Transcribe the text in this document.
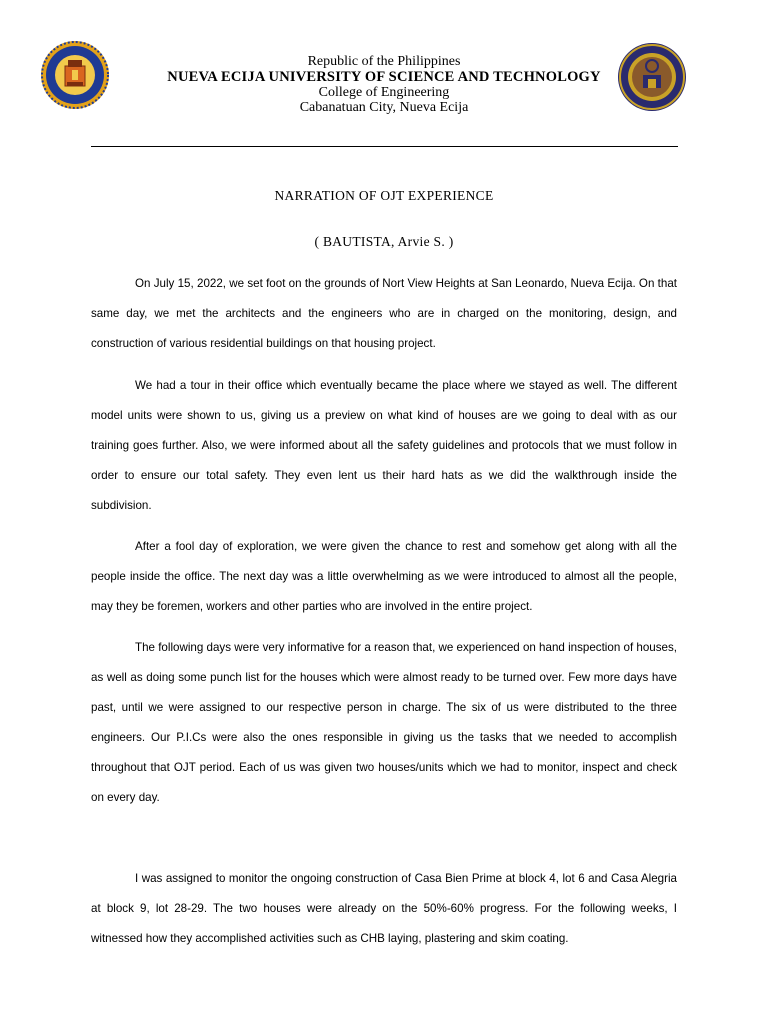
Republic of the Philippines
NUEVA ECIJA UNIVERSITY OF SCIENCE AND TECHNOLOGY
College of Engineering
Cabanatuan City, Nueva Ecija
NARRATION OF OJT EXPERIENCE
( BAUTISTA, Arvie S. )

On July 15, 2022, we set foot on the grounds of Nort View Heights at San Leonardo, Nueva Ecija. On that same day, we met the architects and the engineers who are in charged on the monitoring, design, and construction of various residential buildings on that housing project.

We had a tour in their office which eventually became the place where we stayed as well. The different model units were shown to us, giving us a preview on what kind of houses are we going to deal with as our training goes further. Also, we were informed about all the safety guidelines and protocols that we must follow in order to ensure our total safety. They even lent us their hard hats as we did the walkthrough inside the subdivision.

After a fool day of exploration, we were given the chance to rest and somehow get along with all the people inside the office. The next day was a little overwhelming as we were introduced to almost all the people, may they be foremen, workers and other parties who are involved in the entire project.

The following days were very informative for a reason that, we experienced on hand inspection of houses, as well as doing some punch list for the houses which were almost ready to be turned over. Few more days have past, until we were assigned to our respective person in charge. The six of us were distributed to the three engineers. Our P.I.Cs were also the ones responsible in giving us the tasks that we needed to accomplish throughout that OJT period. Each of us was given two houses/units which we had to monitor, inspect and check on every day.

I was assigned to monitor the ongoing construction of Casa Bien Prime at block 4, lot 6 and Casa Alegria at block 9, lot 28-29. The two houses were already on the 50%-60% progress. For the following weeks, I witnessed how they accomplished activities such as CHB laying, plastering and skim coating.
